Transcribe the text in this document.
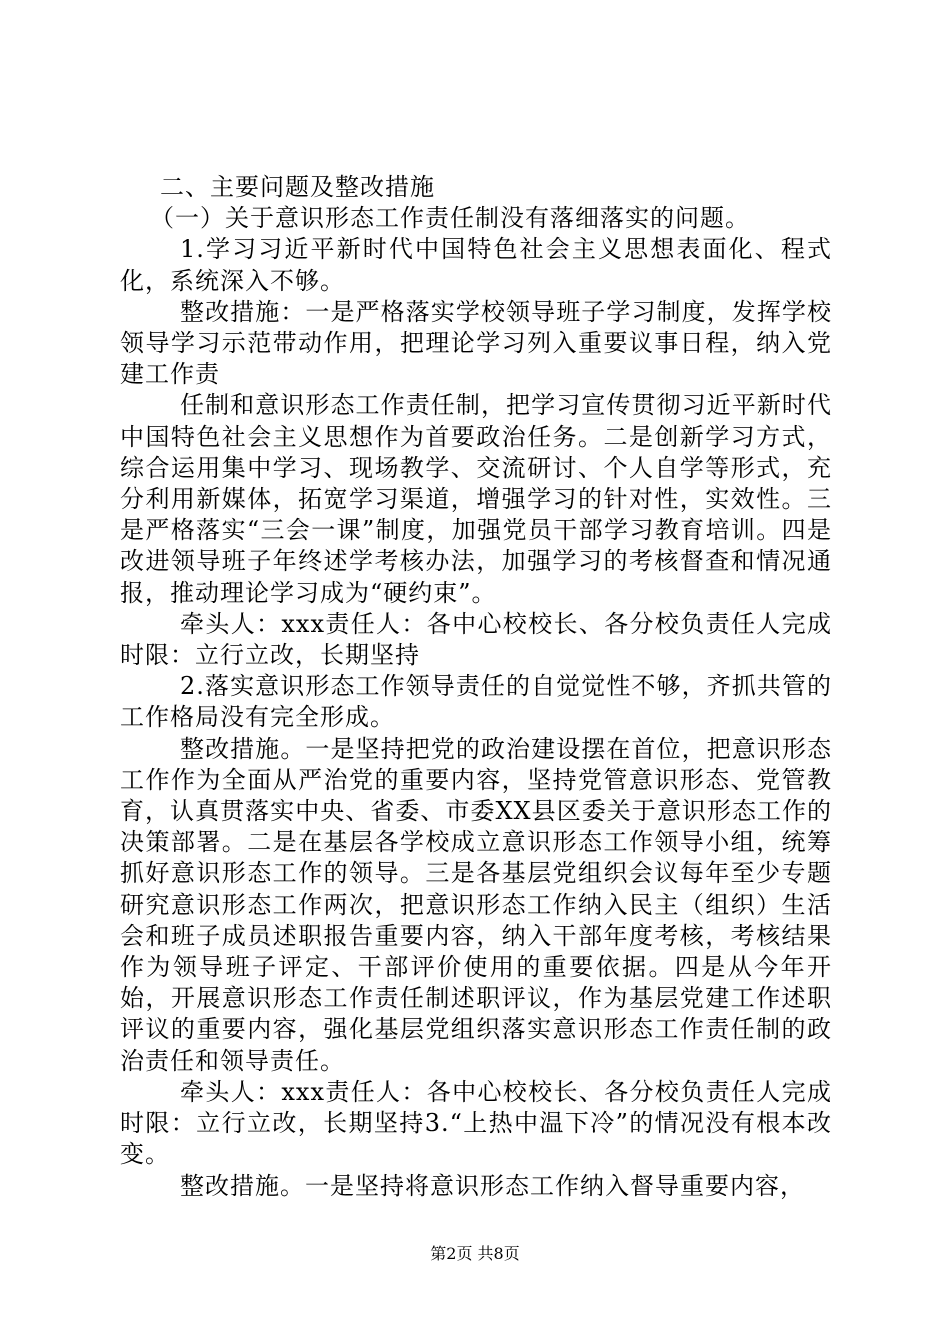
二、主要问题及整改措施

（一）关于意识形态工作责任制没有落细落实的问题。

1.学习习近平新时代中国特色社会主义思想表面化、程式化，系统深入不够。

整改措施：一是严格落实学校领导班子学习制度，发挥学校领导学习示范带动作用，把理论学习列入重要议事日程，纳入党建工作责

任制和意识形态工作责任制，把学习宣传贯彻习近平新时代中国特色社会主义思想作为首要政治任务。二是创新学习方式，综合运用集中学习、现场教学、交流研讨、个人自学等形式，充分利用新媒体，拓宽学习渠道，增强学习的针对性，实效性。三是严格落实“三会一课”制度，加强党员干部学习教育培训。四是改进领导班子年终述学考核办法，加强学习的考核督查和情况通报，推动理论学习成为“硬约束”。

牵头人：xxx责任人：各中心校校长、各分校负责任人完成时限：立行立改，长期坚持

2.落实意识形态工作领导责任的自觉觉性不够，齐抓共管的工作格局没有完全形成。

整改措施。一是坚持把党的政治建设摆在首位，把意识形态工作作为全面从严治党的重要内容，坚持党管意识形态、党管教育，认真贯落实中央、省委、市委XX县区委关于意识形态工作的决策部署。二是在基层各学校成立意识形态工作领导小组，统筹抓好意识形态工作的领导。三是各基层党组织会议每年至少专题研究意识形态工作两次，把意识形态工作纳入民主（组织）生活会和班子成员述职报告重要内容，纳入干部年度考核，考核结果作为领导班子评定、干部评价使用的重要依据。四是从今年开始，开展意识形态工作责任制述职评议，作为基层党建工作述职评议的重要内容，强化基层党组织落实意识形态工作责任制的政治责任和领导责任。

牵头人：xxx责任人：各中心校校长、各分校负责任人完成时限：立行立改，长期坚持3.“上热中温下冷”的情况没有根本改变。

整改措施。一是坚持将意识形态工作纳入督导重要内容，

第2页 共8页
